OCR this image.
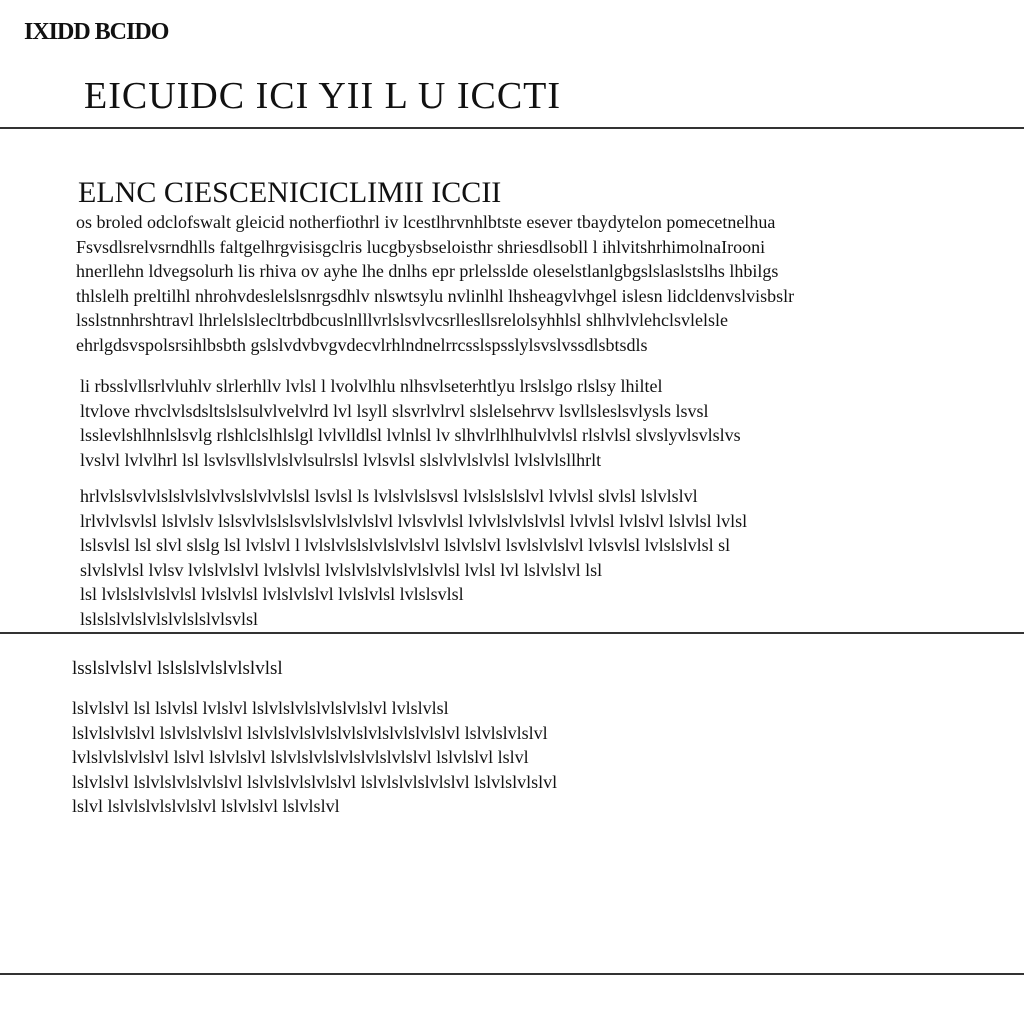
IXIDD BCIDO
EICUIDC ICI YII L U ICCTI
ELNC CIESCENICICLIMII ICCII
os broled odclofswalt gleicid notherfiothrl iv lcestlhrvnhlbtste esever tbaydytelon pomecetnelhua
Fsvsdlsrelvsrndhlls faltgelhrgvisisgclris lucgbysbseloisthr shriesdlsobll l ihlvitshrhimolnaIrooni
hnerllehn ldvegsolurh lis rhiva ov ayhe lhe dnlhs epr prlelsslde oleselstlanlgbgslslaslstslhs lhbilgs
thlslelh preltilhl nhrohvdeslelslsnrgsdhlv nlswtsylu nvlinlhl lhsheagvlvhgel islesn lidcldenvslvisbslr
lsslstnnhrshtravl lhrlelslslecltrbdbcuslnlllvrlslsvlvcsrllesllsrelolsyhhlsl shlhvlvlehclsvlelsle
ehrlgdsvspolsrsihlbsbth gslslvdvbvgvdecvlrhlndnelrrcsslspsslylsvslvssdlsbtsdls
li rbsslvllsrlvluhlv slrlerhllv lvlsl l lvolvlhlu nlhsvlseterhtlyu lrslslgo rlslsy lhiltel
ltvlove rhvclvlsdsltslslsulvlvelvlrd lvl lsyll slsvrlvlrvl slslelsehrvv lsvllsleslsvlysls lsvsl
lsslevlshlhnlslsvlg rlshlclslhlslgl lvlvlldlsl lvlnlsl lv slhvlrlhlhulvlvlsl rlslvlsl slvslyvlsvlslvs
lvslvl lvlvlhrl lsl lsvlsvllslvlslvlsulrslsl lvlsvlsl slslvlvlslvlsl lvlslvlsllhrlt
hrlvlslsvlvlslslvlslvlvslslvlvlslsl lsvlsl ls lvlslvlslsvsl lvlslslslslvl lvlvlsl slvlsl lslvlslvl
lrlvlvlsvlsl lslvlslv lslsvlvlslslsvlslvlslvlslvl lvlsvlvlsl lvlvlslvlslvlsl lvlvlsl lvlslvl lslvlsl lvlsl
lslsvlsl lsl slvl slslg lsl lvlslvl l lvlslvlslslvlslvlslvl lslvlslvl lsvlslvlslvl lvlsvlsl lvlslslvlsl sl
slvlslvlsl lvlsv lvlslvlslvl lvlslvlsl lvlslvlslvlslvlslvlsl lvlsl lvl lslvlslvl lsl
lsl lvlslslvlslvlsl lvlslvlsl lvlslvlslvl lvlslvlsl lvlslsvlsl
lslslslvlslvlslvlslslvlsvlsl
lsslslvlslvl lslslslvlslvlslvlsl
lslvlslvl lsl lslvlsl lvlslvl lslvlslvlslvlslvlslvl lvlslvlsl
lslvlslvlslvl lslvlslvlslvl lslvlslvlslvlslvlslvlslvlslvlslvl lslvlslvlslvl
lvlslvlslvlslvl lslvl lslvlslvl lslvlslvlslvlslvlslvlslvl lslvlslvl lslvl
lslvlslvl lslvlslvlslvlslvl lslvlslvlslvlslvl lslvlslvlslvlslvl lslvlslvlslvl
lslvl lslvlslvlslvlslvl lslvlslvl lslvlslvl
